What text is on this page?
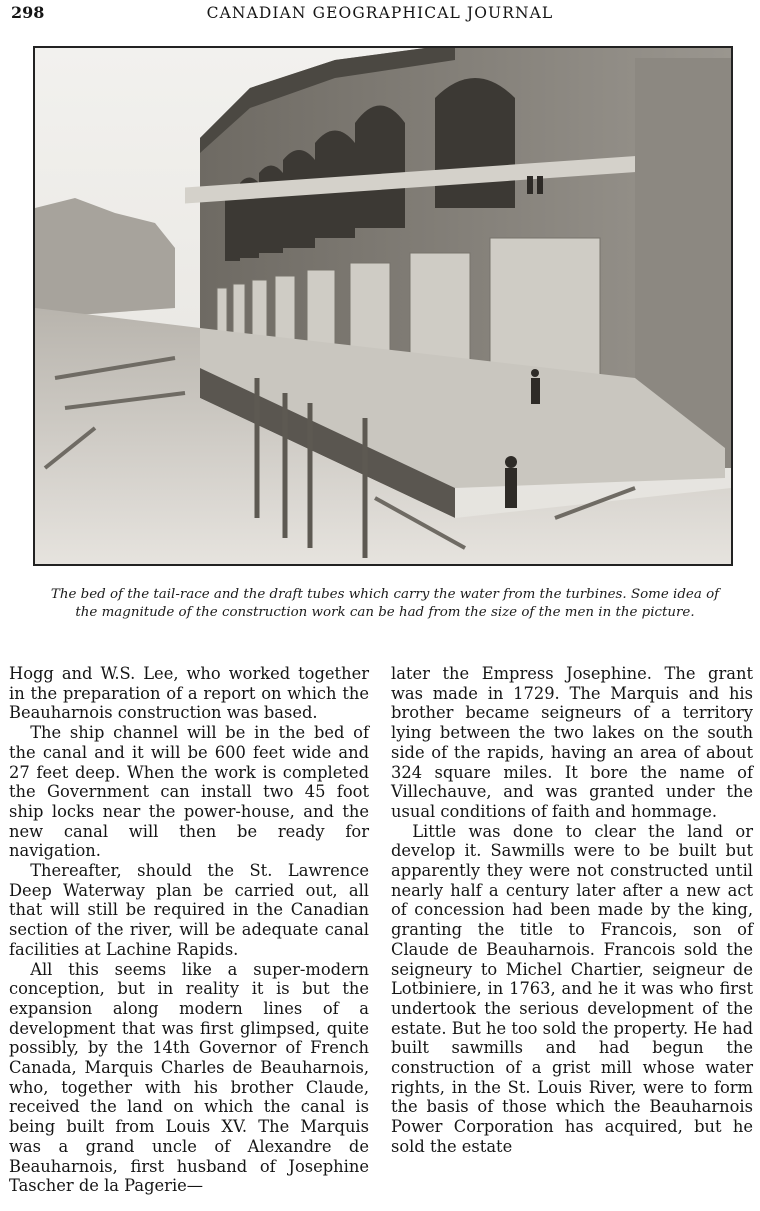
298	CANADIAN GEOGRAPHICAL JOURNAL
The bed of the tail-race and the draft tubes which carry the water from the turbines. Some idea of the magnitude of the construction work can be had from the size of the men in the picture.

Hogg and W.S. Lee, who worked together in the preparation of a report on which the Beauharnois construction was based.

The ship channel will be in the bed of the canal and it will be 600 feet wide and 27 feet deep. When the work is completed the Government can install two 45 foot ship locks near the power-house, and the new canal will then be ready for navigation.

Thereafter, should the St. Lawrence Deep Waterway plan be carried out, all that will still be required in the Canadian section of the river, will be adequate canal facilities at Lachine Rapids.

All this seems like a super-modern conception, but in reality it is but the expansion along modern lines of a development that was first glimpsed, quite possibly, by the 14th Governor of French Canada, Marquis Charles de Beauharnois, who, together with his brother Claude, received the land on which the canal is being built from Louis XV. The Marquis was a grand uncle of Alexandre de Beauharnois, first husband of Josephine Tascher de la Pagerie—

later the Empress Josephine. The grant was made in 1729. The Marquis and his brother became seigneurs of a territory lying between the two lakes on the south side of the rapids, having an area of about 324 square miles. It bore the name of Villechauve, and was granted under the usual conditions of faith and hommage.

Little was done to clear the land or develop it. Sawmills were to be built but apparently they were not constructed until nearly half a century later after a new act of concession had been made by the king, granting the title to Francois, son of Claude de Beauharnois. Francois sold the seigneury to Michel Chartier, seigneur de Lotbiniere, in 1763, and he it was who first undertook the serious development of the estate. But he too sold the property. He had built sawmills and had begun the construction of a grist mill whose water rights, in the St. Louis River, were to form the basis of those which the Beauharnois Power Corporation has acquired, but he sold the estate
